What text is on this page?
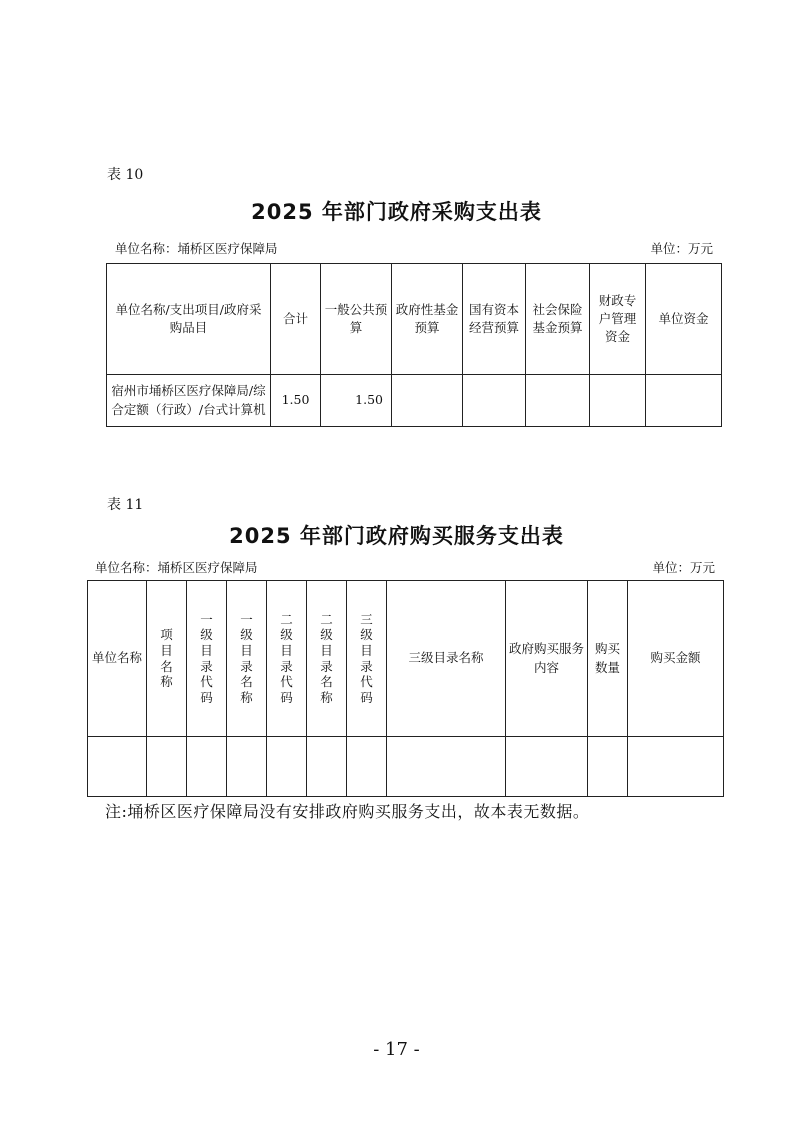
表 10
2025 年部门政府采购支出表
单位名称：埇桥区医疗保障局	单位：万元
单位名称/支出项目/政府采购品目	合计	一般公共预算	政府性基金预算	国有资本经营预算	社会保险基金预算	财政专户管理资金	单位资金
宿州市埇桥区医疗保障局/综合定额（行政）/台式计算机	1.50	1.50					
表 11
2025 年部门政府购买服务支出表
单位名称：埇桥区医疗保障局	单位：万元
单位名称	项目名称	一级目录代码	一级目录名称	二级目录代码	二级目录名称	三级目录代码	三级目录名称	政府购买服务内容	购买数量	购买金额

注:埇桥区医疗保障局没有安排政府购买服务支出，故本表无数据。
- 17 -
